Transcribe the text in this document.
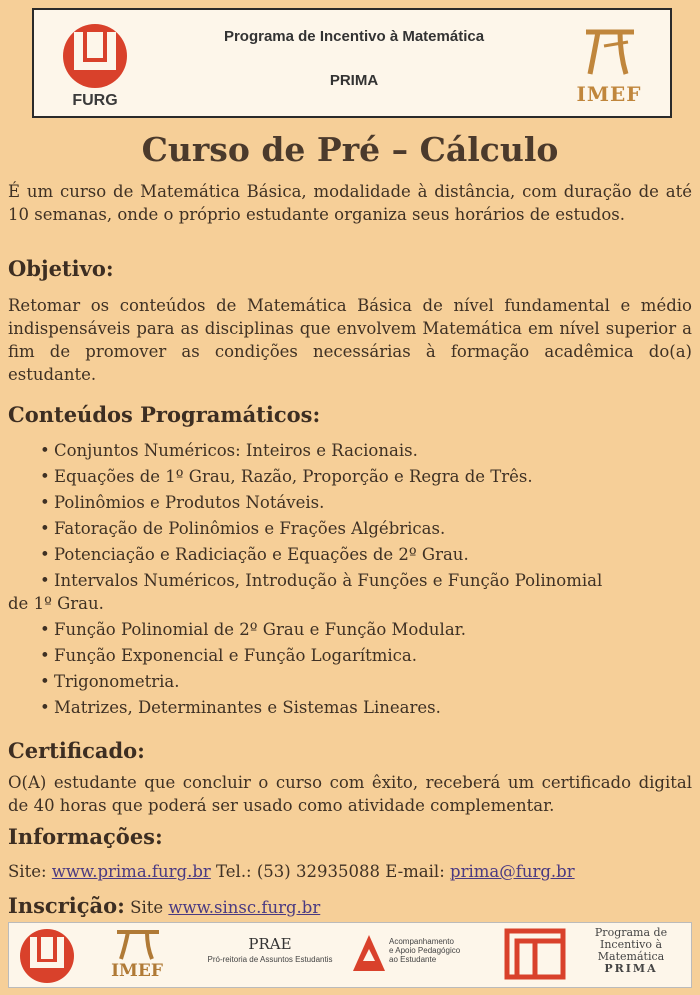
FURG
Programa de Incentivo à Matemática
PRIMA
IMEF
Curso de Pré – Cálculo
É um curso de Matemática Básica, modalidade à distância, com duração de até 10 semanas, onde o próprio estudante organiza seus horários de estudos.
Objetivo:
Retomar os conteúdos de Matemática Básica de nível fundamental e médio indispensáveis para as disciplinas que envolvem Matemática em nível superior a fim de promover as condições necessárias à formação acadêmica do(a) estudante.
Conteúdos Programáticos:
• Conjuntos Numéricos: Inteiros e Racionais.
• Equações de 1º Grau, Razão, Proporção e Regra de Três.
• Polinômios e Produtos Notáveis.
• Fatoração de Polinômios e Frações Algébricas.
• Potenciação e Radiciação e Equações de 2º Grau.
• Intervalos Numéricos, Introdução à Funções e Função Polinomial
de 1º Grau.
• Função Polinomial de 2º Grau e Função Modular.
• Função Exponencial e Função Logarítmica.
• Trigonometria.
• Matrizes, Determinantes e Sistemas Lineares.
Certificado:
O(A) estudante que concluir o curso com êxito, receberá um certificado digital de 40 horas que poderá ser usado como atividade complementar.
Informações:
Site: www.prima.furg.br Tel.: (53) 32935088 E-mail: prima@furg.br
Inscrição: Site www.sinsc.furg.br
IMEF
PRAE
Pró-reitoria de Assuntos Estudantis
Acompanhamento
e Apoio Pedagógico
ao Estudante
Programa de
Incentivo à
Matemática
PRIMA
